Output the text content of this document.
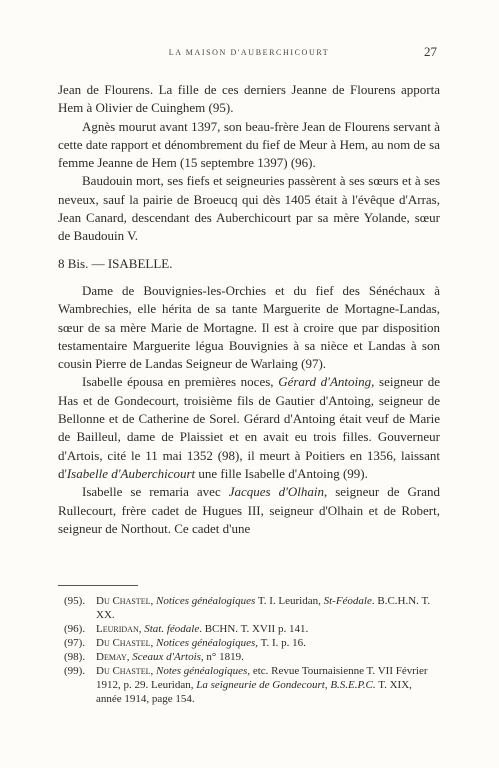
LA MAISON D'AUBERCHICOURT	27

Jean de Flourens. La fille de ces derniers Jeanne de Flourens apporta Hem à Olivier de Cuinghem (95).

Agnès mourut avant 1397, son beau-frère Jean de Flourens servant à cette date rapport et dénombrement du fief de Meur à Hem, au nom de sa femme Jeanne de Hem (15 septembre 1397) (96).

Baudouin mort, ses fiefs et seigneuries passèrent à ses sœurs et à ses neveux, sauf la pairie de Broeucq qui dès 1405 était à l'évêque d'Arras, Jean Canard, descendant des Auberchicourt par sa mère Yolande, sœur de Baudouin V.

8 Bis. — ISABELLE.

Dame de Bouvignies-les-Orchies et du fief des Sénéchaux à Wambrechies, elle hérita de sa tante Marguerite de Mortagne-Landas, sœur de sa mère Marie de Mortagne. Il est à croire que par disposition testamentaire Marguerite légua Bouvignies à sa nièce et Landas à son cousin Pierre de Landas Seigneur de Warlaing (97).

Isabelle épousa en premières noces, Gérard d'Antoing, seigneur de Has et de Gondecourt, troisième fils de Gautier d'Antoing, seigneur de Bellonne et de Catherine de Sorel. Gérard d'Antoing était veuf de Marie de Bailleul, dame de Plaissiet et en avait eu trois filles. Gouverneur d'Artois, cité le 11 mai 1352 (98), il meurt à Poitiers en 1356, laissant d'Isabelle d'Auberchicourt une fille Isabelle d'Antoing (99).

Isabelle se remaria avec Jacques d'Olhain, seigneur de Grand Rullecourt, frère cadet de Hugues III, seigneur d'Olhain et de Robert, seigneur de Northout. Ce cadet d'une

(95). Du Chastel, Notices généalogiques T. I. Leuridan, St-Féodale. B.C.H.N. T. XX.
(96). Leuridan, Stat. féodale. BCHN. T. XVII p. 141.
(97). Du Chastel, Notices généalogiques, T. I. p. 16.
(98). Demay, Sceaux d'Artois, n° 1819.
(99). Du Chastel, Notes généalogiques, etc. Revue Tournaisienne T. VII Février 1912, p. 29. Leuridan, La seigneurie de Gondecourt, B.S.E.P.C. T. XIX, année 1914, page 154.
